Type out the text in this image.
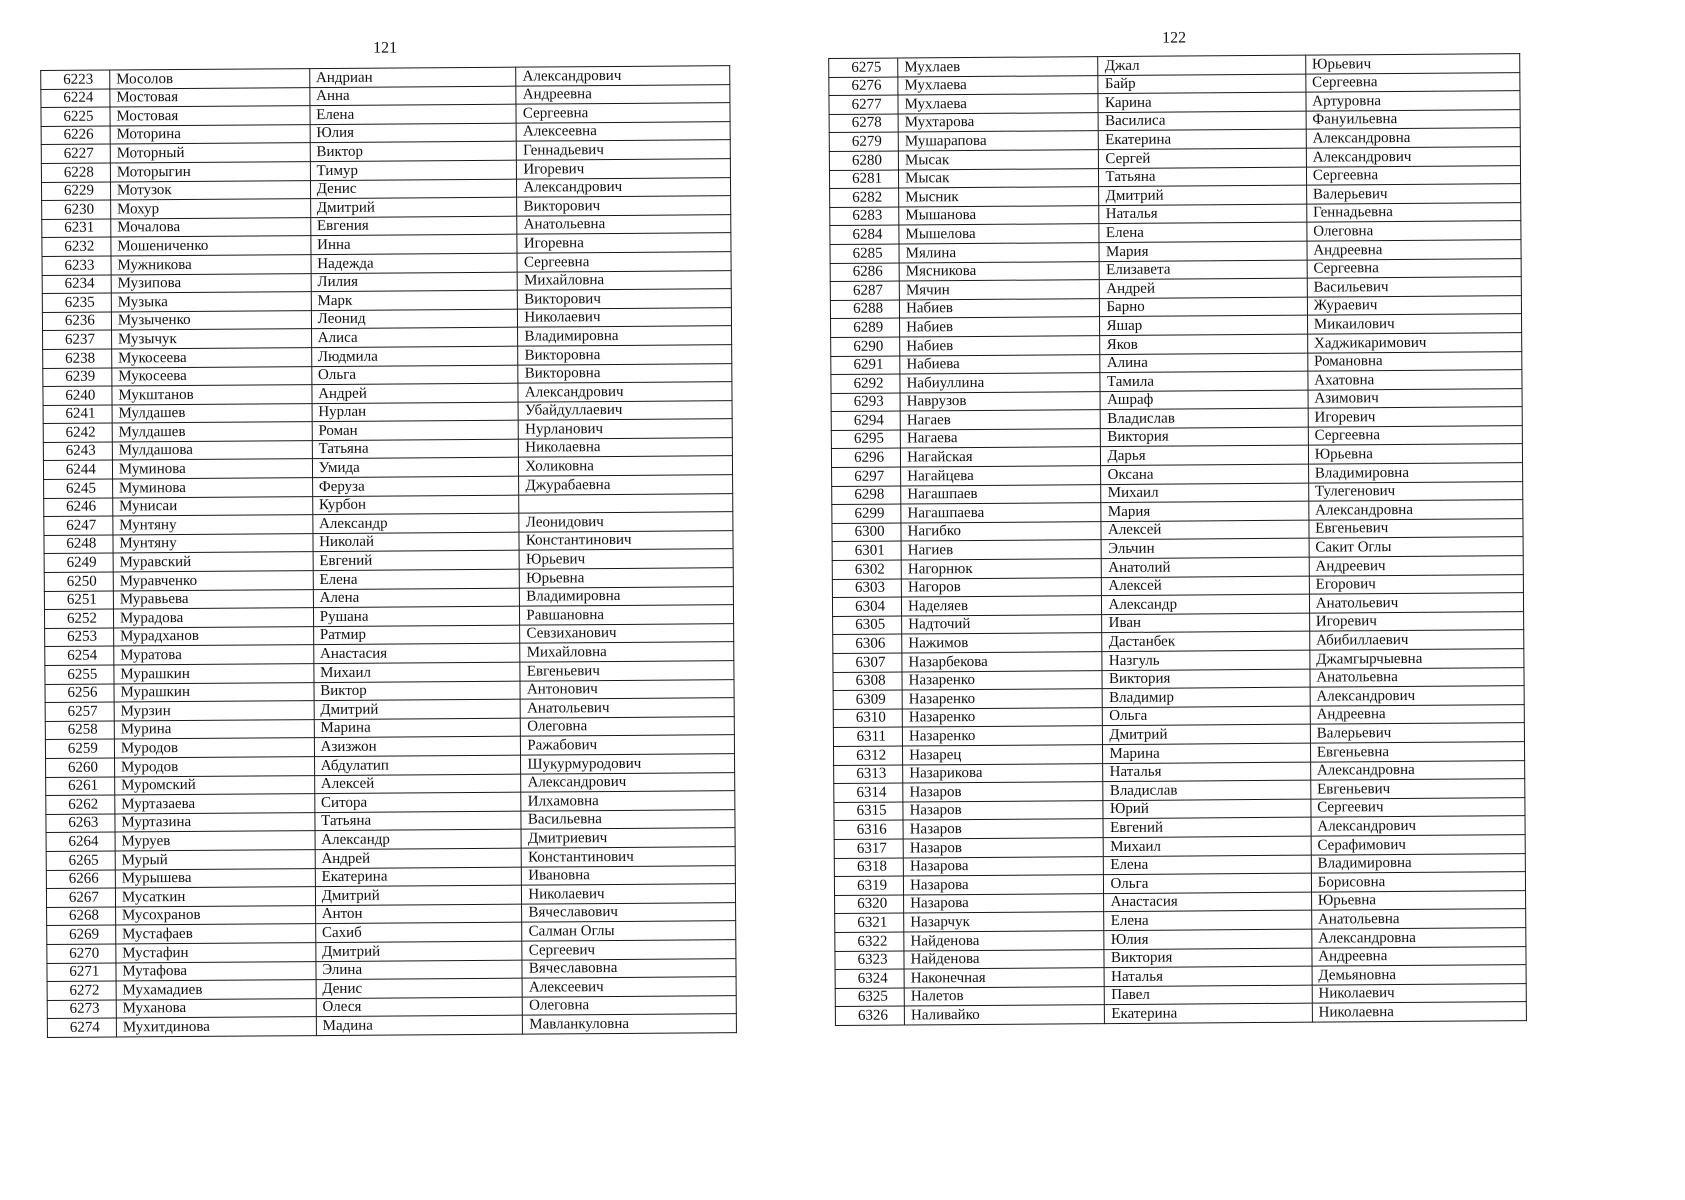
121
6223	Мосолов	Андриан	Александрович
6224	Мостовая	Анна	Андреевна
6225	Мостовая	Елена	Сергеевна
6226	Моторина	Юлия	Алексеевна
6227	Моторный	Виктор	Геннадьевич
6228	Моторыгин	Тимур	Игоревич
6229	Мотузок	Денис	Александрович
6230	Мохур	Дмитрий	Викторович
6231	Мочалова	Евгения	Анатольевна
6232	Мошениченко	Инна	Игоревна
6233	Мужникова	Надежда	Сергеевна
6234	Музипова	Лилия	Михайловна
6235	Музыка	Марк	Викторович
6236	Музыченко	Леонид	Николаевич
6237	Музычук	Алиса	Владимировна
6238	Мукосеева	Людмила	Викторовна
6239	Мукосеева	Ольга	Викторовна
6240	Мукштанов	Андрей	Александрович
6241	Мулдашев	Нурлан	Убайдуллаевич
6242	Мулдашев	Роман	Нурланович
6243	Мулдашова	Татьяна	Николаевна
6244	Муминова	Умида	Холиковна
6245	Муминова	Феруза	Джурабаевна
6246	Мунисаи	Курбон	
6247	Мунтяну	Александр	Леонидович
6248	Мунтяну	Николай	Константинович
6249	Муравский	Евгений	Юрьевич
6250	Муравченко	Елена	Юрьевна
6251	Муравьева	Алена	Владимировна
6252	Мурадова	Рушана	Равшановна
6253	Мурадханов	Ратмир	Севзиханович
6254	Муратова	Анастасия	Михайловна
6255	Мурашкин	Михаил	Евгеньевич
6256	Мурашкин	Виктор	Антонович
6257	Мурзин	Дмитрий	Анатольевич
6258	Мурина	Марина	Олеговна
6259	Муродов	Азизжон	Ражабович
6260	Муродов	Абдулатип	Шукурмуродович
6261	Муромский	Алексей	Александрович
6262	Муртазаева	Ситора	Илхамовна
6263	Муртазина	Татьяна	Васильевна
6264	Муруев	Александр	Дмитриевич
6265	Мурый	Андрей	Константинович
6266	Мурышева	Екатерина	Ивановна
6267	Мусаткин	Дмитрий	Николаевич
6268	Мусохранов	Антон	Вячеславович
6269	Мустафаев	Сахиб	Салман Оглы
6270	Мустафин	Дмитрий	Сергеевич
6271	Мутафова	Элина	Вячеславовна
6272	Мухамадиев	Денис	Алексеевич
6273	Муханова	Олеся	Олеговна
6274	Мухитдинова	Мадина	Мавланкуловна
122
6275	Мухлаев	Джал	Юрьевич
6276	Мухлаева	Байр	Сергеевна
6277	Мухлаева	Карина	Артуровна
6278	Мухтарова	Василиса	Фануильевна
6279	Мушарапова	Екатерина	Александровна
6280	Мысак	Сергей	Александрович
6281	Мысак	Татьяна	Сергеевна
6282	Мысник	Дмитрий	Валерьевич
6283	Мышанова	Наталья	Геннадьевна
6284	Мышелова	Елена	Олеговна
6285	Мялина	Мария	Андреевна
6286	Мясникова	Елизавета	Сергеевна
6287	Мячин	Андрей	Васильевич
6288	Набиев	Барно	Жураевич
6289	Набиев	Яшар	Микаилович
6290	Набиев	Яков	Хаджикаримович
6291	Набиева	Алина	Романовна
6292	Набиуллина	Тамила	Ахатовна
6293	Наврузов	Ашраф	Азимович
6294	Нагаев	Владислав	Игоревич
6295	Нагаева	Виктория	Сергеевна
6296	Нагайская	Дарья	Юрьевна
6297	Нагайцева	Оксана	Владимировна
6298	Нагашпаев	Михаил	Тулегенович
6299	Нагашпаева	Мария	Александровна
6300	Нагибко	Алексей	Евгеньевич
6301	Нагиев	Эльчин	Сакит Оглы
6302	Нагорнюк	Анатолий	Андреевич
6303	Нагоров	Алексей	Егорович
6304	Наделяев	Александр	Анатольевич
6305	Надточий	Иван	Игоревич
6306	Нажимов	Дастанбек	Абибиллаевич
6307	Назарбекова	Назгуль	Джамгырчыевна
6308	Назаренко	Виктория	Анатольевна
6309	Назаренко	Владимир	Александрович
6310	Назаренко	Ольга	Андреевна
6311	Назаренко	Дмитрий	Валерьевич
6312	Назарец	Марина	Евгеньевна
6313	Назарикова	Наталья	Александровна
6314	Назаров	Владислав	Евгеньевич
6315	Назаров	Юрий	Сергеевич
6316	Назаров	Евгений	Александрович
6317	Назаров	Михаил	Серафимович
6318	Назарова	Елена	Владимировна
6319	Назарова	Ольга	Борисовна
6320	Назарова	Анастасия	Юрьевна
6321	Назарчук	Елена	Анатольевна
6322	Найденова	Юлия	Александровна
6323	Найденова	Виктория	Андреевна
6324	Наконечная	Наталья	Демьяновна
6325	Налетов	Павел	Николаевич
6326	Наливайко	Екатерина	Николаевна
